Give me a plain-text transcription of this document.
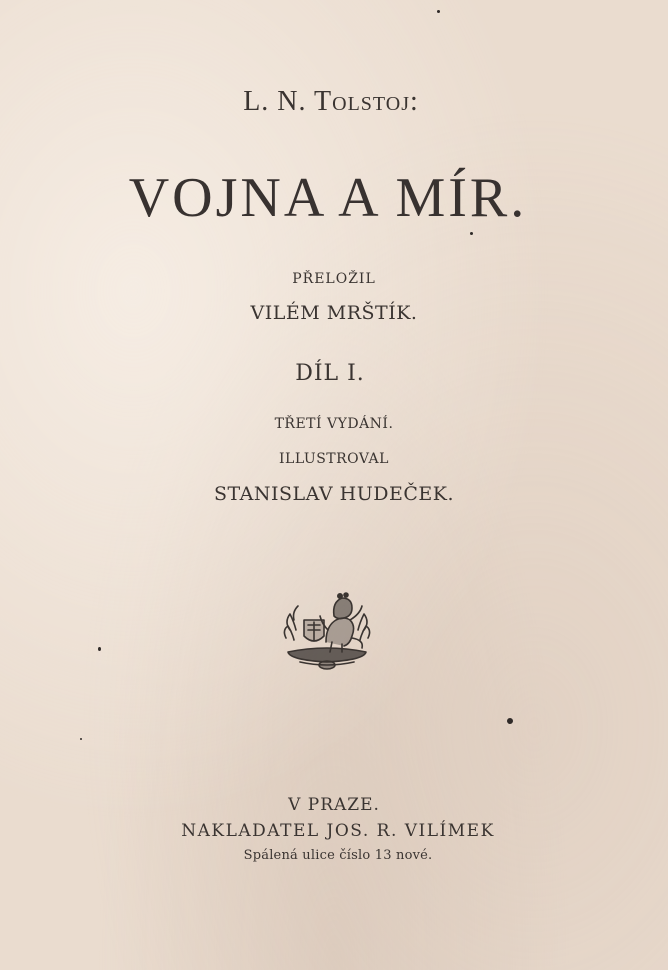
L. N. Tolstoj:
VOJNA A MÍR.
PŘELOŽIL
VILÉM MRŠTÍK.
DÍL I.
TŘETÍ VYDÁNÍ.
ILLUSTROVAL
STANISLAV HUDEČEK.
V PRAZE.
NAKLADATEL JOS. R. VILÍMEK
Spálená ulice číslo 13 nové.
